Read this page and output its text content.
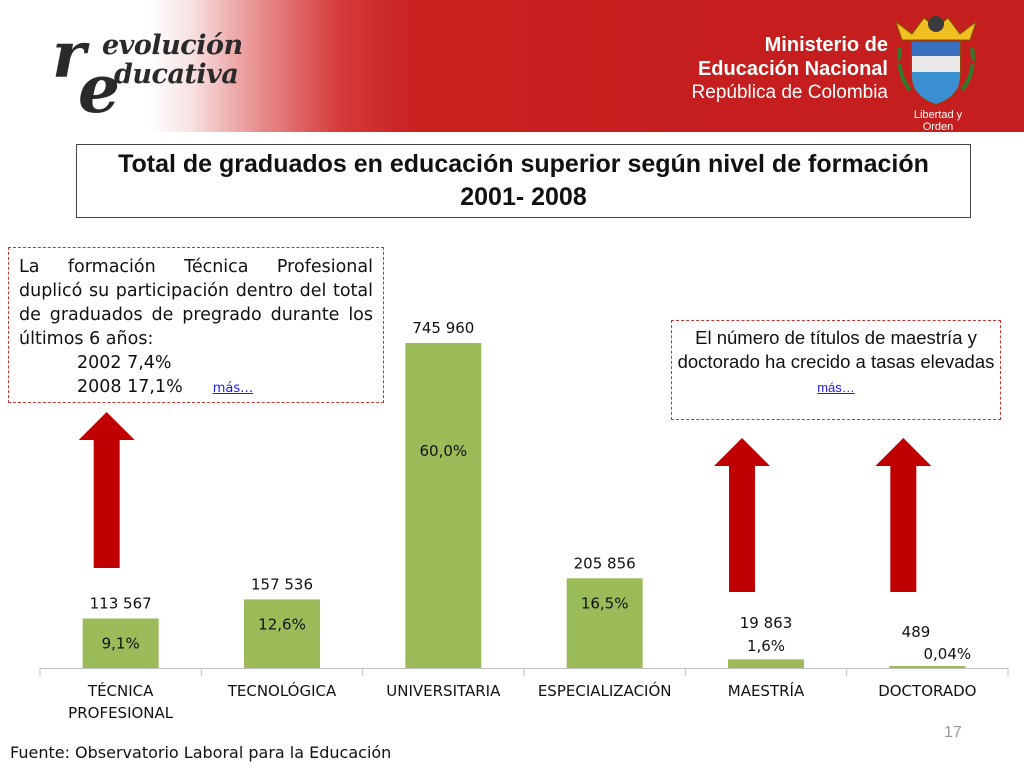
r
e
evolución
ducativa
Ministerio de
Educación Nacional
República de Colombia
Libertad y Orden
Total de graduados en educación superior según nivel de formación 2001- 2008
113 567
9,1%
TÉCNICA
PROFESIONAL
157 536
12,6%
TECNOLÓGICA
745 960
60,0%
UNIVERSITARIA
205 856
16,5%
ESPECIALIZACIÓN
19 863
1,6%
MAESTRÍA
489
0,04%
DOCTORADO
La formación Técnica Profesional duplicó su participación dentro del total de graduados de pregrado durante los últimos 6 años:
2002 7,4%
2008 17,1% más…
El número de títulos de maestría y doctorado ha crecido a tasas elevadas
más…
17
Fuente: Observatorio Laboral para la Educación
